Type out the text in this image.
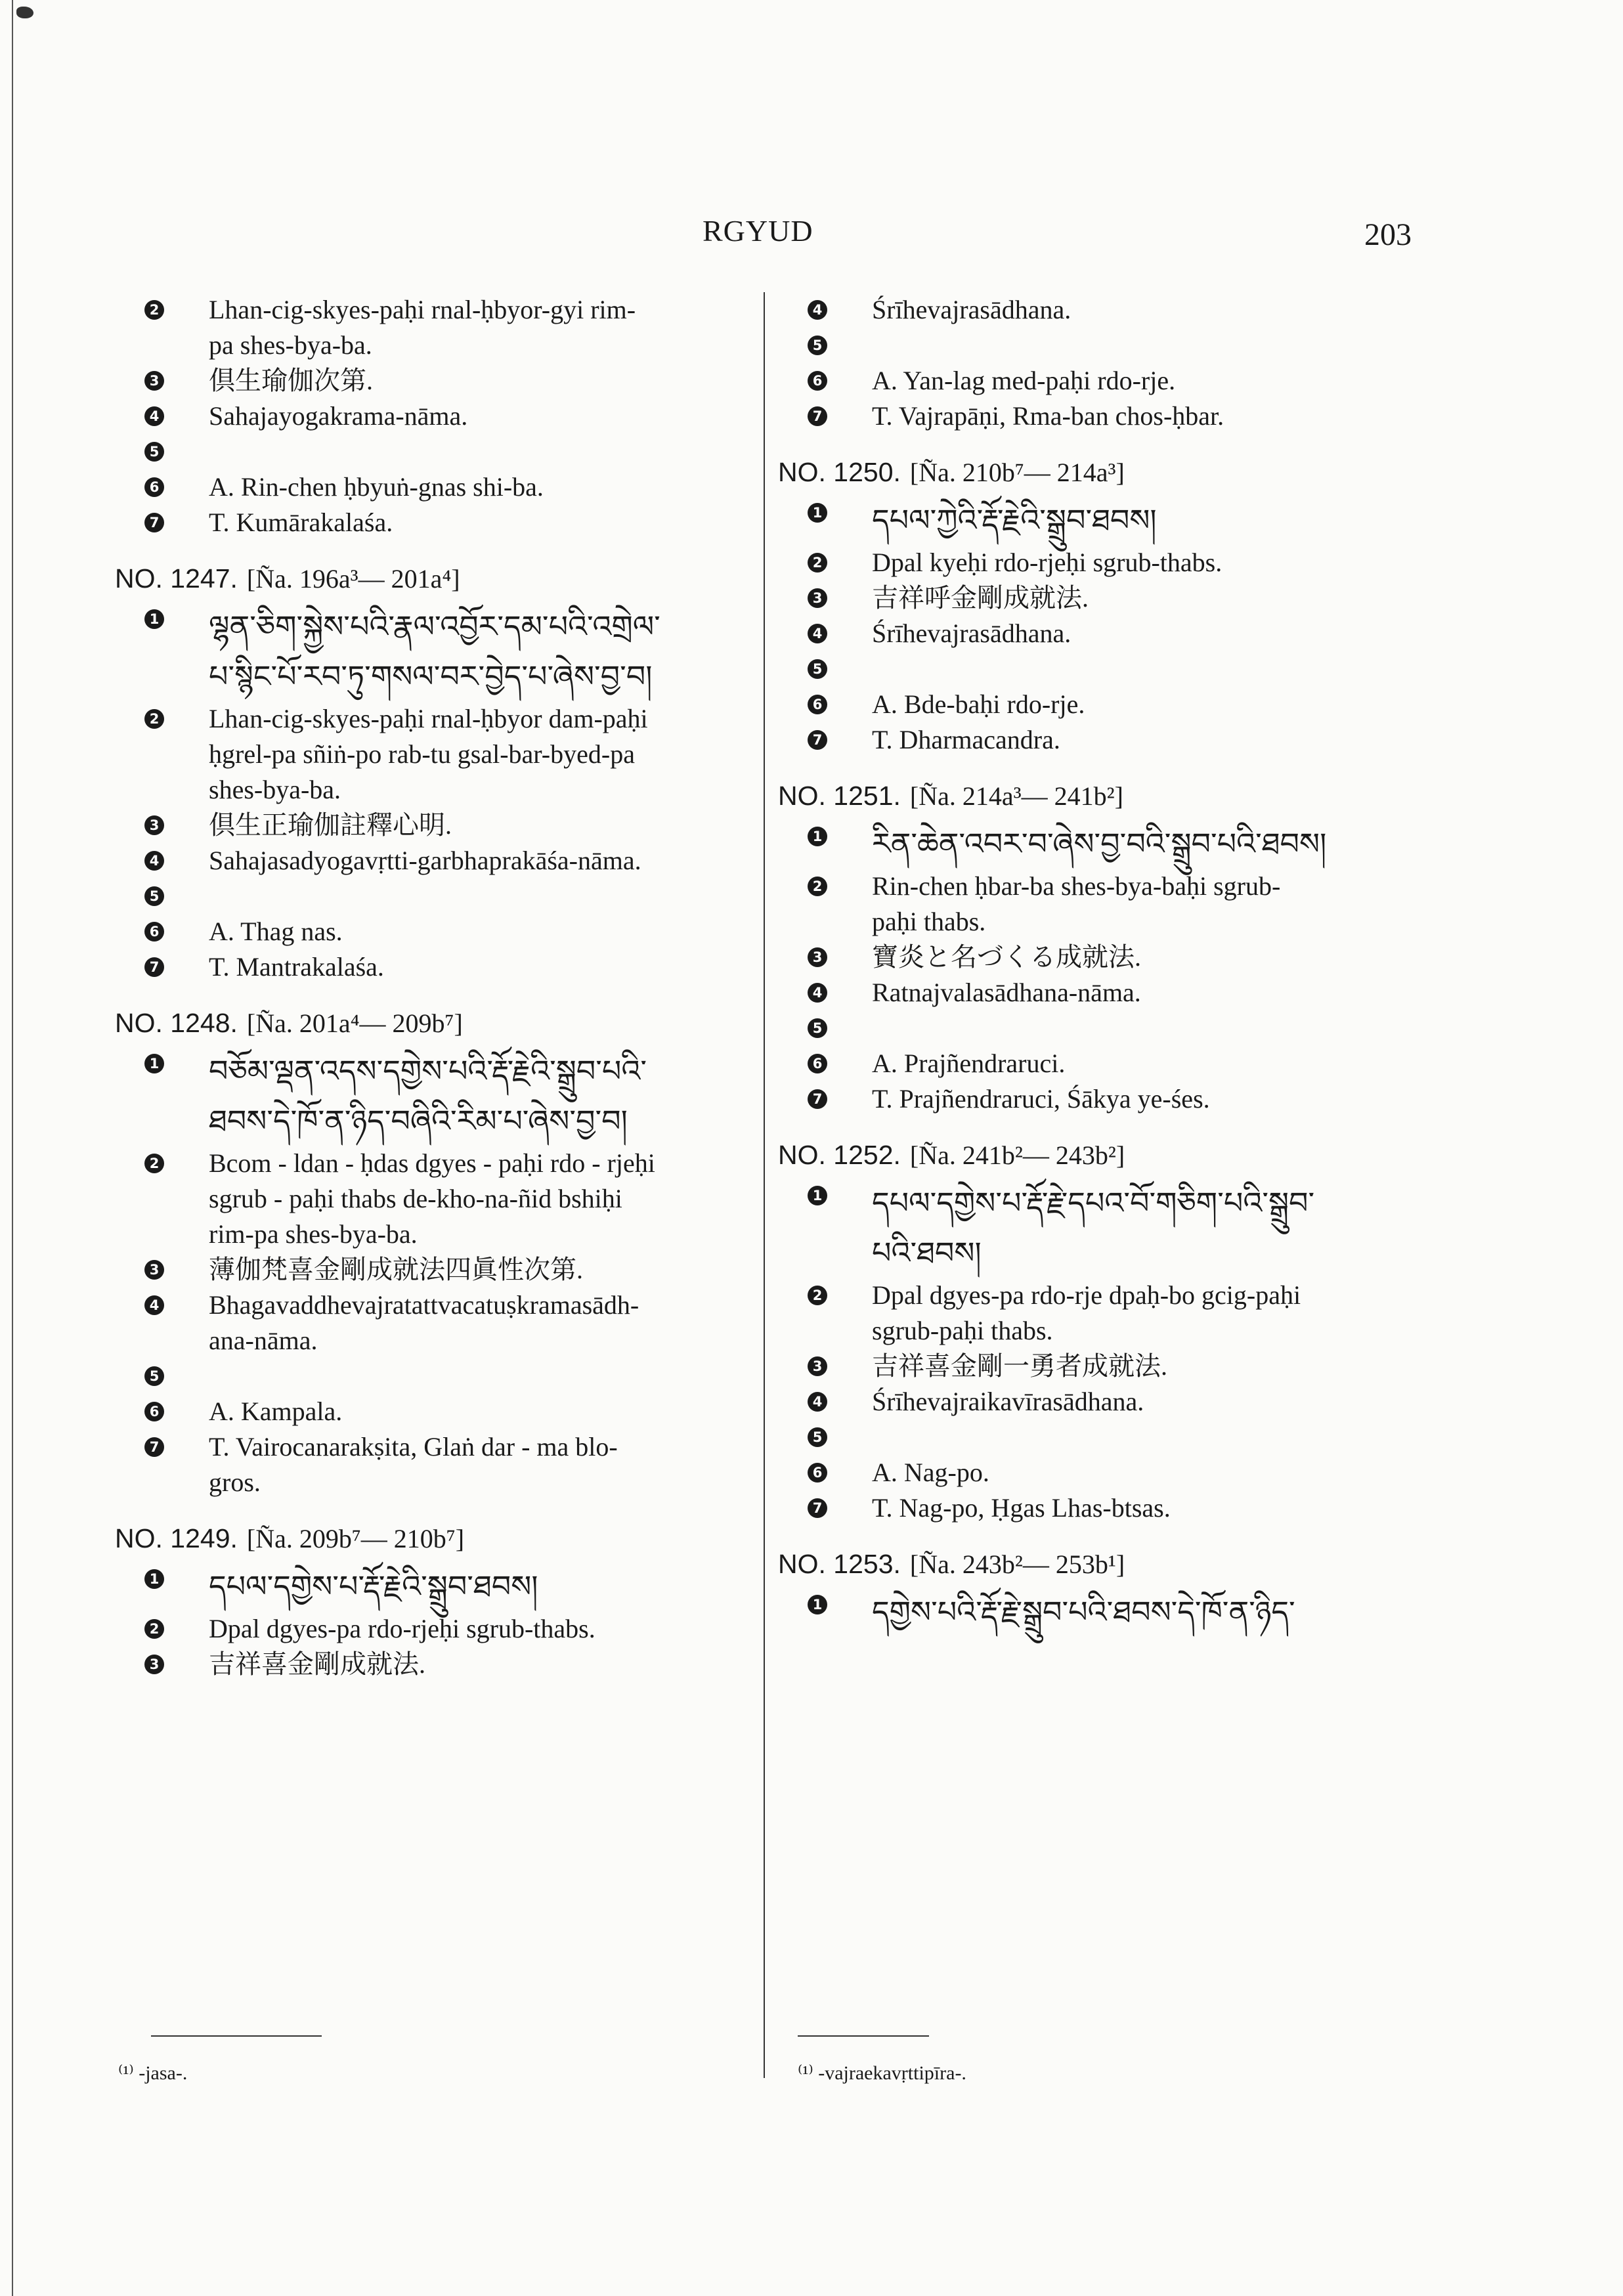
RGYUD	203
2	Lhan-cig-skyes-paḥi rnal-ḥbyor-gyi rim-
pa shes-bya-ba.
3	倶生瑜伽次第.
4	Sahajayogakrama-nāma.
5

6	A. Rin-chen ḥbyuṅ-gnas shi-ba.
7	T. Kumārakalaśa.
NO. 1247. [Ña. 196a³— 201a⁴]
1	ལྷན་ཅིག་སྐྱེས་པའི་རྣལ་འབྱོར་དམ་པའི་འགྲེལ་
པ་སྙིང་པོ་རབ་ཏུ་གསལ་བར་བྱེད་པ་ཞེས་བྱ་བ།
2	Lhan-cig-skyes-paḥi rnal-ḥbyor dam-paḥi
ḥgrel-pa sñiṅ-po rab-tu gsal-bar-byed-pa
shes-bya-ba.
3	倶生正瑜伽註釋心明.
4	Sahajasadyogavṛtti-garbhaprakāśa-nāma.
5

6	A. Thag nas.
7	T. Mantrakalaśa.
NO. 1248. [Ña. 201a⁴— 209b⁷]
1	བཅོམ་ལྡན་འདས་དགྱེས་པའི་རྡོ་རྗེའི་སྒྲུབ་པའི་
ཐབས་དེ་ཁོ་ན་ཉིད་བཞིའི་རིམ་པ་ཞེས་བྱ་བ།
2	Bcom - ldan - ḥdas dgyes - paḥi rdo - rjeḥi
sgrub - paḥi thabs de-kho-na-ñid bshiḥi
rim-pa shes-bya-ba.
3	薄伽梵喜金剛成就法四眞性次第.
4	Bhagavaddhevajratattvacatuṣkramasādh-
ana-nāma.
5

6	A. Kampala.
7	T. Vairocanarakṣita, Glaṅ dar - ma blo-
gros.
NO. 1249. [Ña. 209b⁷— 210b⁷]
1	དཔལ་དགྱེས་པ་རྡོ་རྗེའི་སྒྲུབ་ཐབས།
2	Dpal dgyes-pa rdo-rjeḥi sgrub-thabs.
3	吉祥喜金剛成就法.
4	Śrīhevajrasādhana.
5

6	A. Yan-lag med-paḥi rdo-rje.
7	T. Vajrapāṇi, Rma-ban chos-ḥbar.
NO. 1250. [Ña. 210b⁷— 214a³]
1	དཔལ་ཀྱེའི་རྡོ་རྗེའི་སྒྲུབ་ཐབས།
2	Dpal kyeḥi rdo-rjeḥi sgrub-thabs.
3	吉祥呼金剛成就法.
4	Śrīhevajrasādhana.
5

6	A. Bde-baḥi rdo-rje.
7	T. Dharmacandra.
NO. 1251. [Ña. 214a³— 241b²]
1	རིན་ཆེན་འབར་བ་ཞེས་བྱ་བའི་སྒྲུབ་པའི་ཐབས།
2	Rin-chen ḥbar-ba shes-bya-baḥi sgrub-
paḥi thabs.
3	寶炎と名づくる成就法.
4	Ratnajvalasādhana-nāma.
5

6	A. Prajñendraruci.
7	T. Prajñendraruci, Śākya ye-śes.
NO. 1252. [Ña. 241b²— 243b²]
1	དཔལ་དགྱེས་པ་རྡོ་རྗེ་དཔའ་བོ་གཅིག་པའི་སྒྲུབ་
པའི་ཐབས།
2	Dpal dgyes-pa rdo-rje dpaḥ-bo gcig-paḥi
sgrub-paḥi thabs.
3	吉祥喜金剛一勇者成就法.
4	Śrīhevajraikavīrasādhana.
5

6	A. Nag-po.
7	T. Nag-po, Ḥgas Lhas-btsas.
NO. 1253. [Ña. 243b²— 253b¹]
1	དགྱེས་པའི་རྡོ་རྗེ་སྒྲུབ་པའི་ཐབས་དེ་ཁོ་ན་ཉིད་
⁽¹⁾ -jasa-.	⁽¹⁾ -vajraekavṛttipīra-.
